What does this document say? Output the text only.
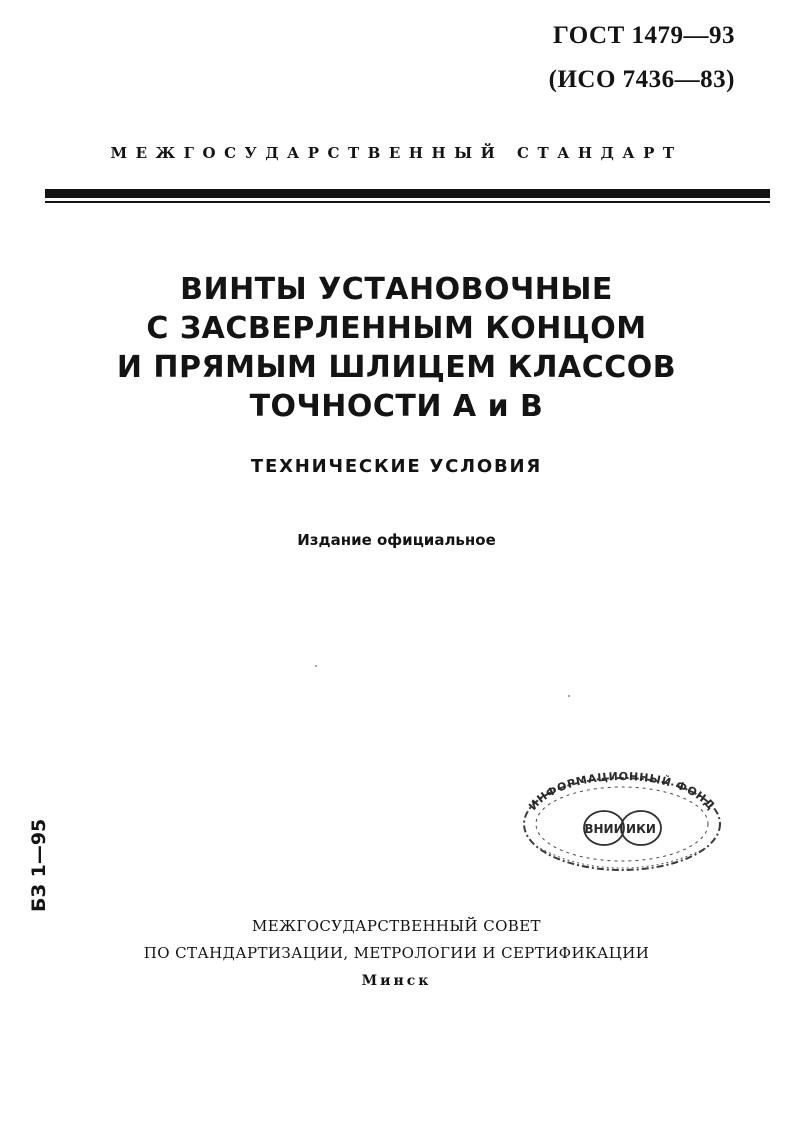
ГОСТ 1479—93
(ИСО 7436—83)
МЕЖГОСУДАРСТВЕННЫЙ СТАНДАРТ
ВИНТЫ УСТАНОВОЧНЫЕ
С ЗАСВЕРЛЕННЫМ КОНЦОМ
И ПРЯМЫМ ШЛИЦЕМ КЛАССОВ
ТОЧНОСТИ А и В
ТЕХНИЧЕСКИЕ УСЛОВИЯ
Издание официальное
БЗ 1—95
ИНФОРМАЦИОННЫЙ ФОНД
ВНИИ ИКИ
МЕЖГОСУДАРСТВЕННЫЙ СОВЕТ
ПО СТАНДАРТИЗАЦИИ, МЕТРОЛОГИИ И СЕРТИФИКАЦИИ
Минск
